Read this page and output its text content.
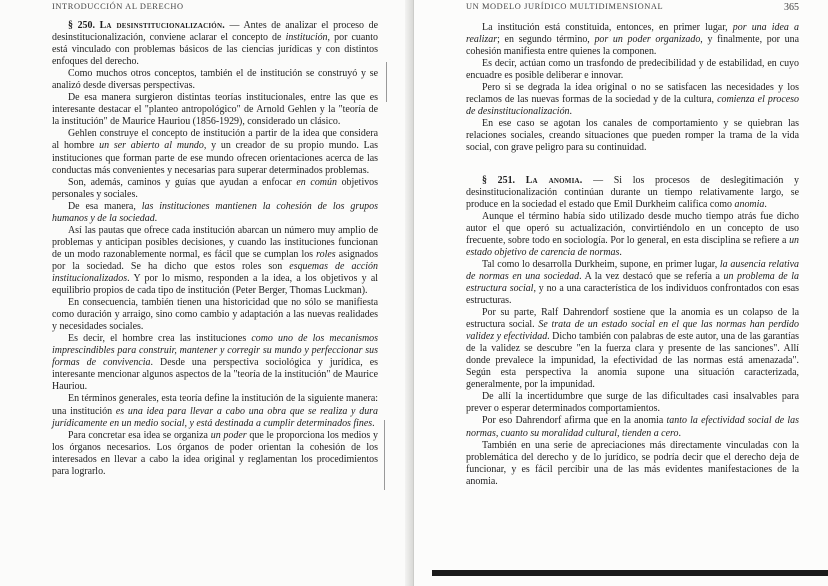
INTRODUCCIÓN AL DERECHO

§ 250. La desinstitucionalización. — Antes de analizar el proceso de desinstitucionalización, conviene aclarar el concepto de institución, por cuanto está vinculado con problemas básicos de las ciencias jurídicas y con distintos enfoques del derecho.

Como muchos otros conceptos, también el de institución se construyó y se analizó desde diversas perspectivas.

De esa manera surgieron distintas teorías institucionales, entre las que es interesante destacar el "planteo antropológico" de Arnold Gehlen y la "teoría de la institución" de Maurice Hauriou (1856-1929), considerado un clásico.

Gehlen construye el concepto de institución a partir de la idea que considera al hombre un ser abierto al mundo, y un creador de su propio mundo. Las instituciones que forman parte de ese mundo ofrecen orientaciones acerca de las conductas más convenientes y necesarias para superar determinados problemas.

Son, además, caminos y guías que ayudan a enfocar en común objetivos personales y sociales.

De esa manera, las instituciones mantienen la cohesión de los grupos humanos y de la sociedad.

Así las pautas que ofrece cada institución abarcan un número muy amplio de problemas y anticipan posibles decisiones, y cuando las instituciones funcionan de un modo razonablemente normal, es fácil que se cumplan los roles asignados por la sociedad. Se ha dicho que estos roles son esquemas de acción institucionalizados. Y por lo mismo, responden a la idea, a los objetivos y al equilibrio propios de cada tipo de institución (Peter Berger, Thomas Luckman).

En consecuencia, también tienen una historicidad que no sólo se manifiesta como duración y arraigo, sino como cambio y adaptación a las nuevas realidades y necesidades sociales.

Es decir, el hombre crea las instituciones como uno de los mecanismos imprescindibles para construir, mantener y corregir su mundo y perfeccionar sus formas de convivencia. Desde una perspectiva sociológica y jurídica, es interesante mencionar algunos aspectos de la "teoría de la institución" de Maurice Hauriou.

En términos generales, esta teoría define la institución de la siguiente manera: una institución es una idea para llevar a cabo una obra que se realiza y dura jurídicamente en un medio social, y está destinada a cumplir determinados fines.

Para concretar esa idea se organiza un poder que le proporciona los medios y los órganos necesarios. Los órganos de poder orientan la cohesión de los interesados en llevar a cabo la idea original y reglamentan los procedimientos para lograrlo.

UN MODELO JURÍDICO MULTIDIMENSIONAL	365

La institución está constituida, entonces, en primer lugar, por una idea a realizar; en segundo término, por un poder organizado, y finalmente, por una cohesión manifiesta entre quienes la componen.

Es decir, actúan como un trasfondo de predecibilidad y de estabilidad, en cuyo encuadre es posible deliberar e innovar.

Pero si se degrada la idea original o no se satisfacen las necesidades y los reclamos de las nuevas formas de la sociedad y de la cultura, comienza el proceso de desinstitucionalización.

En ese caso se agotan los canales de comportamiento y se quiebran las relaciones sociales, creando situaciones que pueden romper la trama de la vida social, con grave peligro para su continuidad.

§ 251. La anomia. — Si los procesos de deslegitimación y desinstitucionalización continúan durante un tiempo relativamente largo, se produce en la sociedad el estado que Emil Durkheim califica como anomia.

Aunque el término había sido utilizado desde mucho tiempo atrás fue dicho autor el que operó su actualización, convirtiéndolo en un concepto de uso frecuente, sobre todo en sociología. Por lo general, en esta disciplina se refiere a un estado objetivo de carencia de normas.

Tal como lo desarrolla Durkheim, supone, en primer lugar, la ausencia relativa de normas en una sociedad. A la vez destacó que se refería a un problema de la estructura social, y no a una característica de los individuos confrontados con esas estructuras.

Por su parte, Ralf Dahrendorf sostiene que la anomia es un colapso de la estructura social. Se trata de un estado social en el que las normas han perdido validez y efectividad. Dicho también con palabras de este autor, una de las garantías de la validez se descubre "en la fuerza clara y presente de las sanciones". Allí donde prevalece la impunidad, la efectividad de las normas está amenazada". Según esta perspectiva la anomia supone una situación caracterizada, generalmente, por la impunidad.

De allí la incertidumbre que surge de las dificultades casi insalvables para prever o esperar determinados comportamientos.

Por eso Dahrendorf afirma que en la anomia tanto la efectividad social de las normas, cuanto su moralidad cultural, tienden a cero.

También en una serie de apreciaciones más directamente vinculadas con la problemática del derecho y de lo jurídico, se podría decir que el derecho deja de funcionar, y es fácil percibir una de las más evidentes manifestaciones de la anomia.
